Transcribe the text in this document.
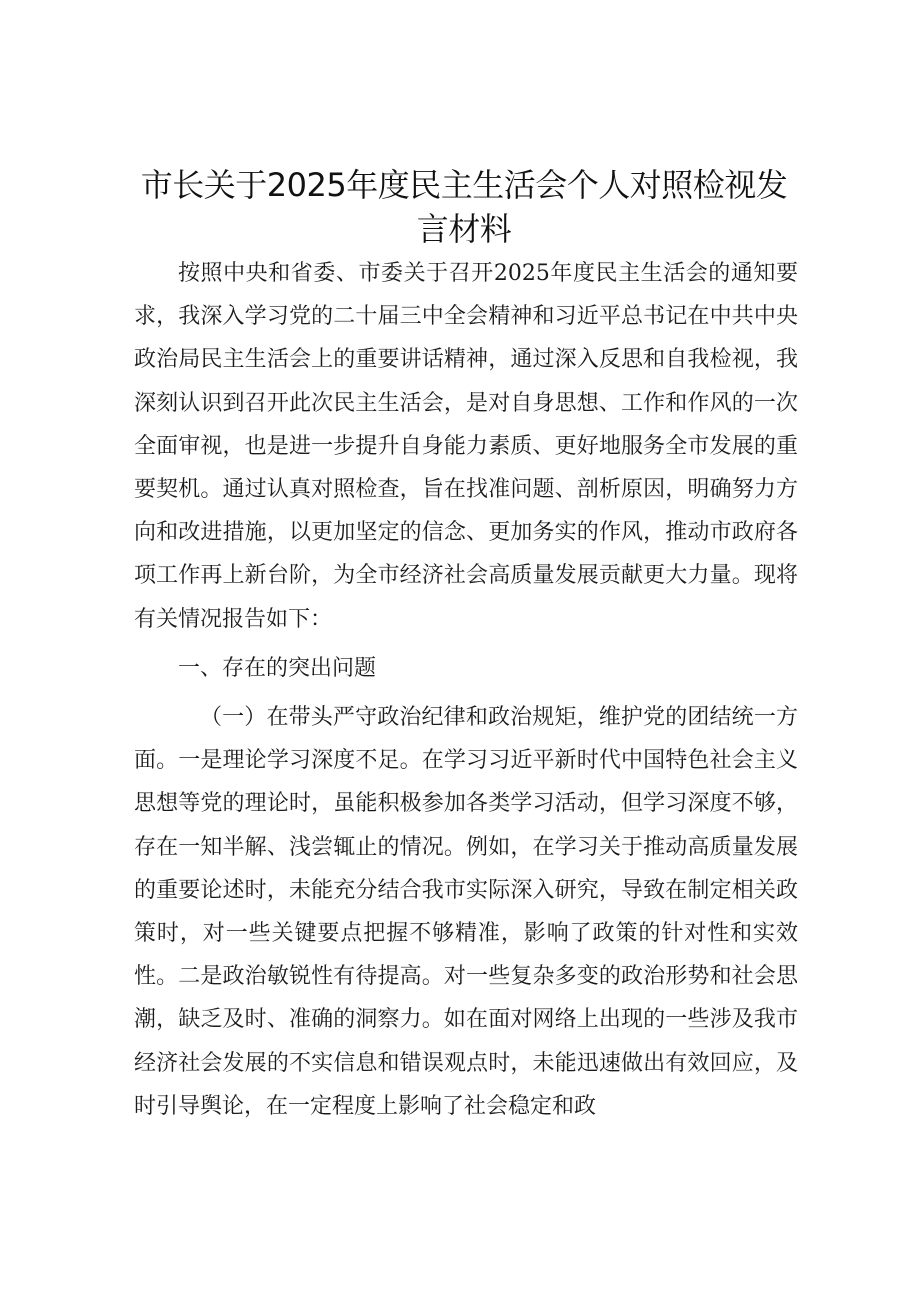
市长关于2025年度民主生活会个人对照检视发言材料

按照中央和省委、市委关于召开2025年度民主生活会的通知要求，我深入学习党的二十届三中全会精神和习近平总书记在中共中央政治局民主生活会上的重要讲话精神，通过深入反思和自我检视，我深刻认识到召开此次民主生活会，是对自身思想、工作和作风的一次全面审视，也是进一步提升自身能力素质、更好地服务全市发展的重要契机。通过认真对照检查，旨在找准问题、剖析原因，明确努力方向和改进措施，以更加坚定的信念、更加务实的作风，推动市政府各项工作再上新台阶，为全市经济社会高质量发展贡献更大力量。现将有关情况报告如下：

一、存在的突出问题

（一）在带头严守政治纪律和政治规矩，维护党的团结统一方面。一是理论学习深度不足。在学习习近平新时代中国特色社会主义思想等党的理论时，虽能积极参加各类学习活动，但学习深度不够，存在一知半解、浅尝辄止的情况。例如，在学习关于推动高质量发展的重要论述时，未能充分结合我市实际深入研究，导致在制定相关政策时，对一些关键要点把握不够精准，影响了政策的针对性和实效性。二是政治敏锐性有待提高。对一些复杂多变的政治形势和社会思潮，缺乏及时、准确的洞察力。如在面对网络上出现的一些涉及我市经济社会发展的不实信息和错误观点时，未能迅速做出有效回应，及时引导舆论，在一定程度上影响了社会稳定和政
